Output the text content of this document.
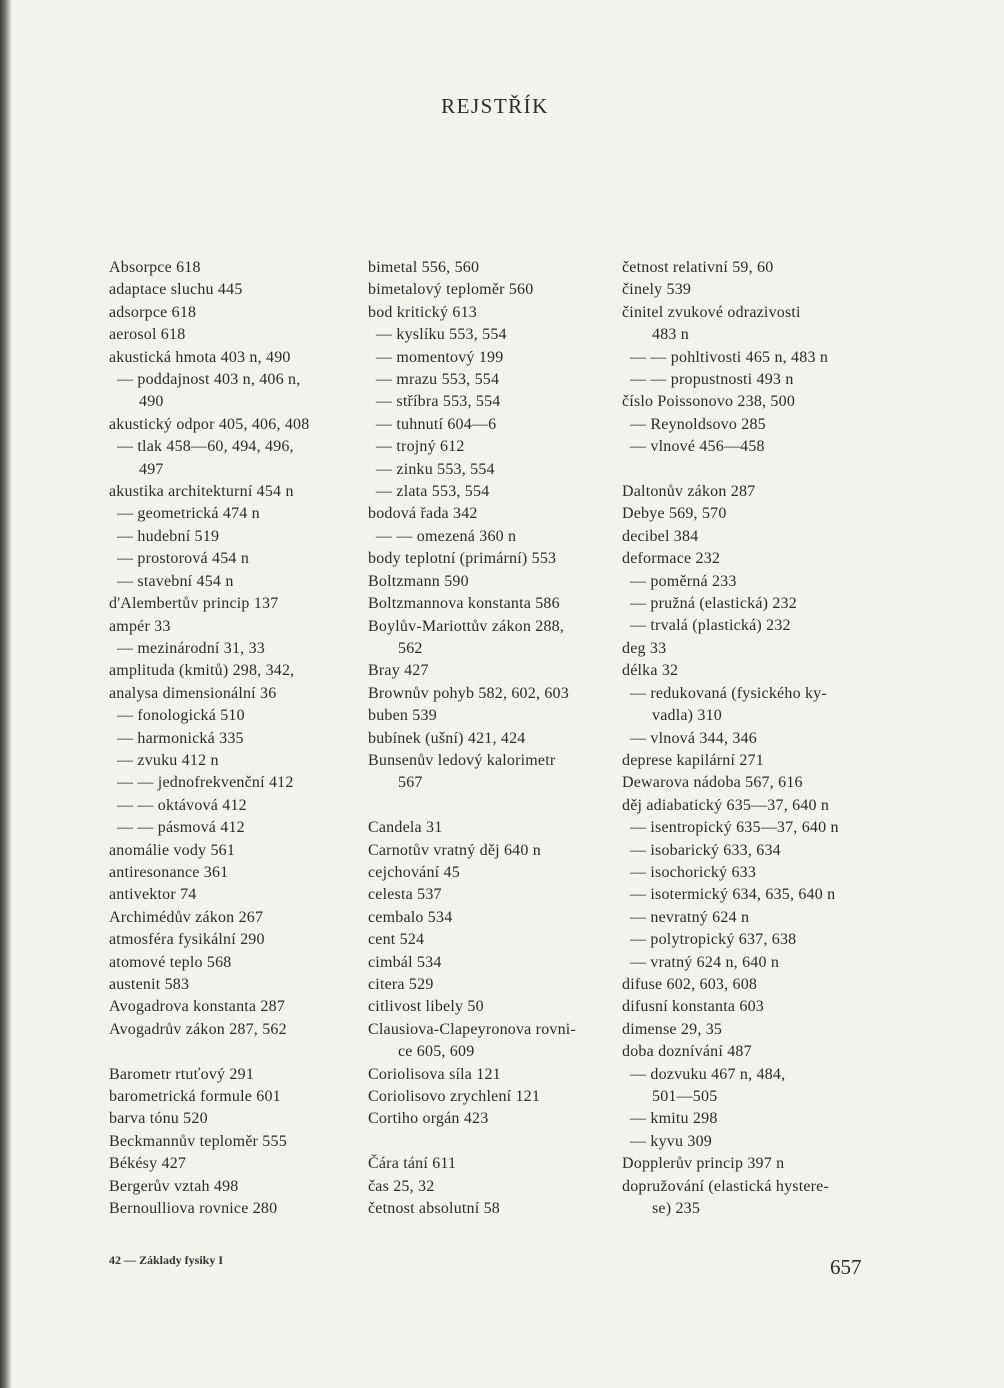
REJSTŘÍK
Absorpce 618
adaptace sluchu 445
adsorpce 618
aerosol 618
akustická hmota 403 n, 490
— poddajnost 403 n, 406 n,
490
akustický odpor 405, 406, 408
— tlak 458—60, 494, 496,
497
akustika architekturní 454 n
— geometrická 474 n
— hudební 519
— prostorová 454 n
— stavební 454 n
d'Alembertův princip 137
ampér 33
— mezinárodní 31, 33
amplituda (kmitů) 298, 342,
analysa dimensionální 36
— fonologická 510
— harmonická 335
— zvuku 412 n
— — jednofrekvenční 412
— — oktávová 412
— — pásmová 412
anomálie vody 561
antiresonance 361
antivektor 74
Archimédův zákon 267
atmosféra fysikální 290
atomové teplo 568
austenit 583
Avogadrova konstanta 287
Avogadrův zákon 287, 562
Barometr rtuťový 291
barometrická formule 601
barva tónu 520
Beckmannův teploměr 555
Békésy 427
Bergerův vztah 498
Bernoulliova rovnice 280
bimetal 556, 560
bimetalový teploměr 560
bod kritický 613
— kyslíku 553, 554
— momentový 199
— mrazu 553, 554
— stříbra 553, 554
— tuhnutí 604—6
— trojný 612
— zinku 553, 554
— zlata 553, 554
bodová řada 342
— — omezená 360 n
body teplotní (primární) 553
Boltzmann 590
Boltzmannova konstanta 586
Boylův-Mariottův zákon 288,
562
Bray 427
Brownův pohyb 582, 602, 603
buben 539
bubínek (ušní) 421, 424
Bunsenův ledový kalorimetr
567
Candela 31
Carnotův vratný děj 640 n
cejchování 45
celesta 537
cembalo 534
cent 524
cimbál 534
citera 529
citlivost libely 50
Clausiova-Clapeyronova rovni-
ce 605, 609
Coriolisova síla 121
Coriolisovo zrychlení 121
Cortiho orgán 423
Čára tání 611
čas 25, 32
četnost absolutní 58
četnost relativní 59, 60
činely 539
činitel zvukové odrazivosti
483 n
— — pohltivosti 465 n, 483 n
— — propustnosti 493 n
číslo Poissonovo 238, 500
— Reynoldsovo 285
— vlnové 456—458
Daltonův zákon 287
Debye 569, 570
decibel 384
deformace 232
— poměrná 233
— pružná (elastická) 232
— trvalá (plastická) 232
deg 33
délka 32
— redukovaná (fysického ky-
vadla) 310
— vlnová 344, 346
deprese kapilární 271
Dewarova nádoba 567, 616
děj adiabatický 635—37, 640 n
— isentropický 635—37, 640 n
— isobarický 633, 634
— isochorický 633
— isotermický 634, 635, 640 n
— nevratný 624 n
— polytropický 637, 638
— vratný 624 n, 640 n
difuse 602, 603, 608
difusní konstanta 603
dimense 29, 35
doba doznívání 487
— dozvuku 467 n, 484,
501—505
— kmitu 298
— kyvu 309
Dopplerův princip 397 n
dopružování (elastická hystere-
se) 235
42 — Základy fysiky I	657
